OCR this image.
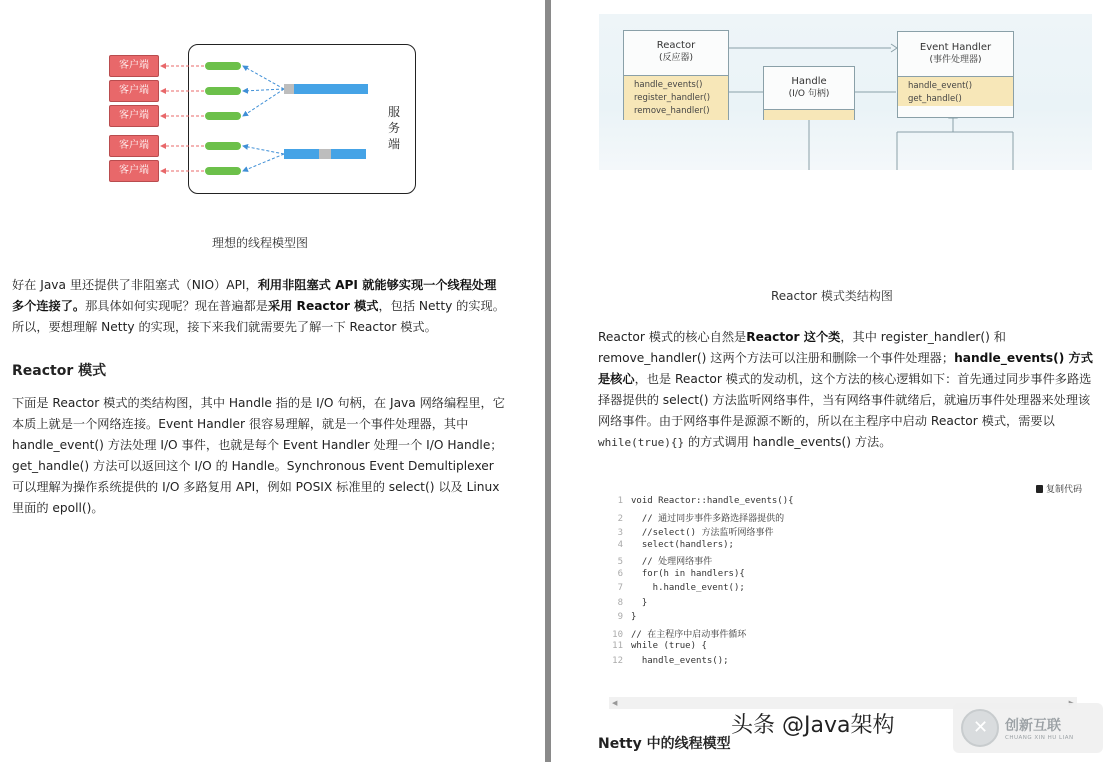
客户端
客户端
客户端
客户端
客户端
服务端
理想的线程模型图
好在 Java 里还提供了非阻塞式（NIO）API，利用非阻塞式 API 就能够实现一个线程处理多个连接了。那具体如何实现呢？现在普遍都是采用 Reactor 模式，包括 Netty 的实现。所以，要想理解 Netty 的实现，接下来我们就需要先了解一下 Reactor 模式。
Reactor 模式
下面是 Reactor 模式的类结构图，其中 Handle 指的是 I/O 句柄，在 Java 网络编程里，它本质上就是一个网络连接。Event Handler 很容易理解，就是一个事件处理器，其中 handle_event() 方法处理 I/O 事件，也就是每个 Event Handler 处理一个 I/O Handle；get_handle() 方法可以返回这个 I/O 的 Handle。Synchronous Event Demultiplexer 可以理解为操作系统提供的 I/O 多路复用 API，例如 POSIX 标准里的 select() 以及 Linux 里面的 epoll()。
Reactor
(反应器)
handle_events()
register_handler()
remove_handler()
Handle
(I/O 句柄)
Event Handler
(事件处理器)
handle_event()
get_handle()
Reactor 模式类结构图
Reactor 模式的核心自然是Reactor 这个类，其中 register_handler() 和 remove_handler() 这两个方法可以注册和删除一个事件处理器；handle_events() 方式是核心，也是 Reactor 模式的发动机，这个方法的核心逻辑如下：首先通过同步事件多路选择器提供的 select() 方法监听网络事件，当有网络事件就绪后，就遍历事件处理器来处理该网络事件。由于网络事件是源源不断的，所以在主程序中启动 Reactor 模式，需要以 while(true){} 的方式调用 handle_events() 方法。
复制代码
1 void Reactor::handle_events(){
2  // 通过同步事件多路选择器提供的
3  //select() 方法监听网络事件
4  select(handlers);
5  // 处理网络事件
6  for(h in handlers){
7    h.handle_event();
8  }
9 }
10 // 在主程序中启动事件循环
11 while (true) {
12  handle_events();
◀
Netty 中的线程模型
头条 @Java架构	✕ 创新互联
CHUANG XIN HU LIAN
